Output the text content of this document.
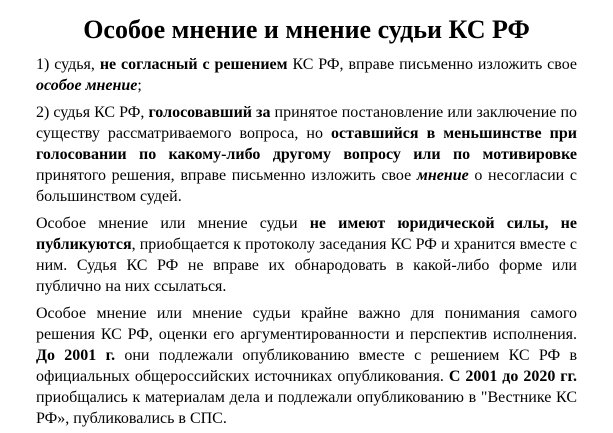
Особое мнение и мнение судьи КС РФ

1) судья, не согласный с решением КС РФ, вправе письменно изложить свое особое мнение;

2) судья КС РФ, голосовавший за принятое постановление или заключение по существу рассматриваемого вопроса, но оставшийся в меньшинстве при голосовании по какому-либо другому вопросу или по мотивировке принятого решения, вправе письменно изложить свое мнение о несогласии с большинством судей.

Особое мнение или мнение судьи не имеют юридической силы, не публикуются, приобщается к протоколу заседания КС РФ и хранится вместе с ним. Судья КС РФ не вправе их обнародовать в какой-либо форме или публично на них ссылаться.

Особое мнение или мнение судьи крайне важно для понимания самого решения КС РФ, оценки его аргументированности и перспектив исполнения. До 2001 г. они подлежали опубликованию вместе с решением КС РФ в официальных общероссийских источниках опубликования. С 2001 до 2020 гг. приобщались к материалам дела и подлежали опубликованию в "Вестнике КС РФ», публиковались в СПС.
